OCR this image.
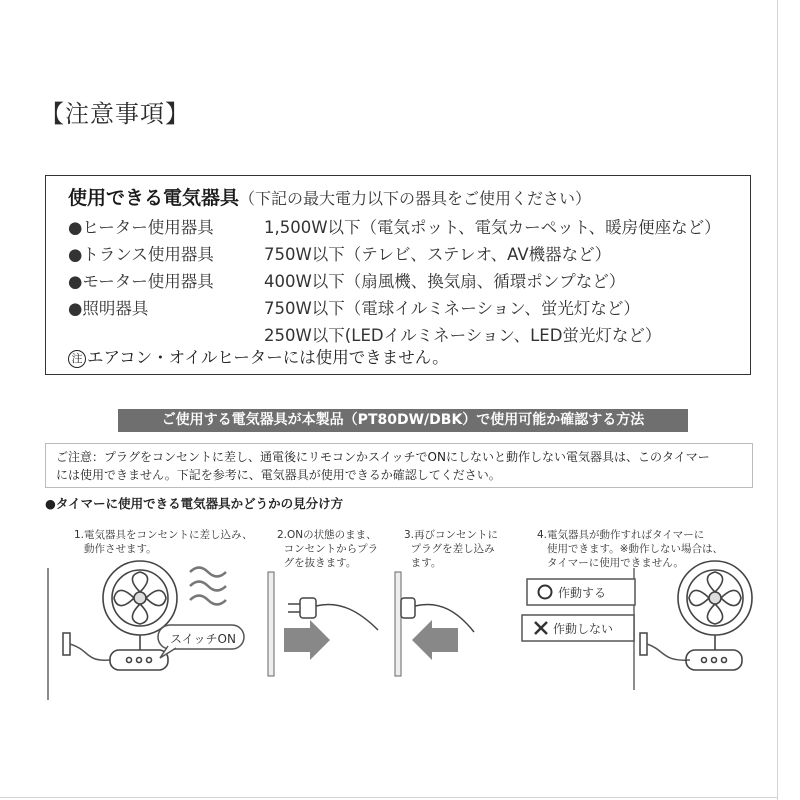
【注意事項】
使用できる電気器具（下記の最大電力以下の器具をご使用ください）
●ヒーター使用器具	1,500W以下（電気ポット、電気カーペット、暖房便座など）
●トランス使用器具	750W以下（テレビ、ステレオ、AV機器など）
●モーター使用器具	400W以下（扇風機、換気扇、循環ポンプなど）
●照明器具	750W以下（電球イルミネーション、蛍光灯など）
250W以下(LEDイルミネーション、LED蛍光灯など）
注 エアコン・オイルヒーターには使用できません。
ご使用する電気器具が本製品（PT80DW/DBK）で使用可能か確認する方法
ご注意：プラグをコンセントに差し、通電後にリモコンかスイッチでONにしないと動作しない電気器具は、このタイマー
には使用できません。下記を参考に、電気器具が使用できるか確認してください。
●タイマーに使用できる電気器具かどうかの見分け方
1.電気器具をコンセントに差し込み、
動作させます。
2.ONの状態のまま、
コンセントからプラ
グを抜きます。
3.再びコンセントに
プラグを差し込み
ます。
4.電気器具が動作すればタイマーに
使用できます。※動作しない場合は、
タイマーに使用できません。
スイッチON
作動する
作動しない
